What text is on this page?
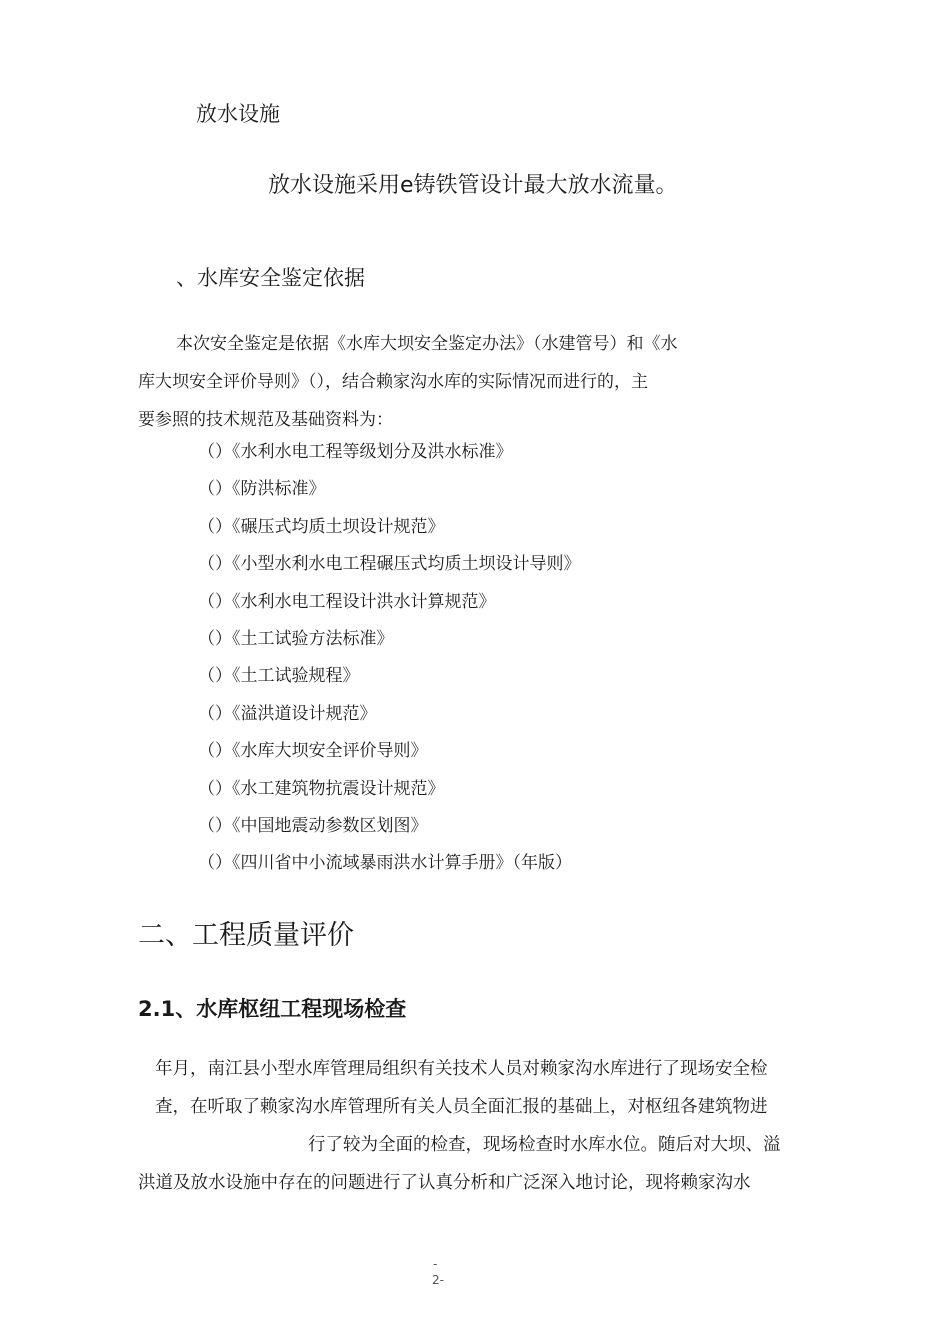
放水设施

放水设施采用e铸铁管设计最大放水流量。

、水库安全鉴定依据

本次安全鉴定是依据《水库大坝安全鉴定办法》（水建管号）和《水

库大坝安全评价导则》（），结合赖家沟水库的实际情况而进行的，主

要参照的技术规范及基础资料为：

（）《水利水电工程等级划分及洪水标准》
（）《防洪标准》
（）《碾压式均质土坝设计规范》
（）《小型水利水电工程碾压式均质土坝设计导则》
（）《水利水电工程设计洪水计算规范》
（）《土工试验方法标准》
（）《土工试验规程》
（）《溢洪道设计规范》
（）《水库大坝安全评价导则》
（）《水工建筑物抗震设计规范》
（）《中国地震动参数区划图》
（）《四川省中小流域暴雨洪水计算手册》（年版）

二、工程质量评价

2.1、水库枢纽工程现场检查

年月，南江县小型水库管理局组织有关技术人员对赖家沟水库进行了现场安全检

查，在听取了赖家沟水库管理所有关人员全面汇报的基础上，对枢纽各建筑物进

行了较为全面的检查，现场检查时水库水位。随后对大坝、溢

洪道及放水设施中存在的问题进行了认真分析和广泛深入地讨论，现将赖家沟水

-

2-
